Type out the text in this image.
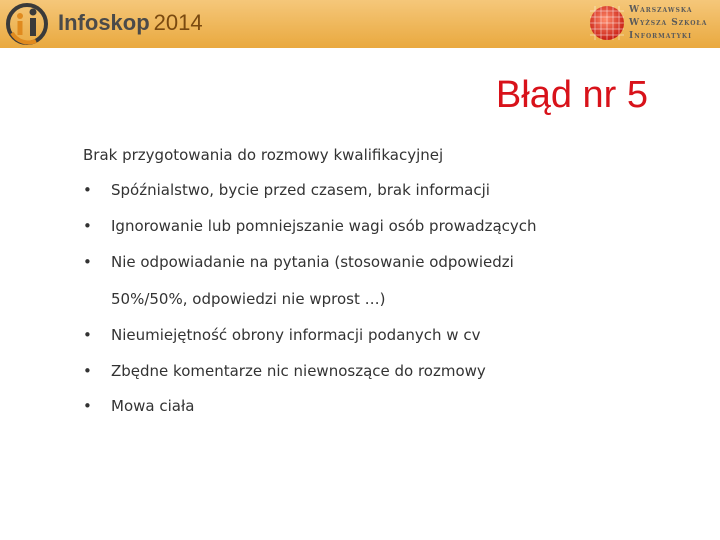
Infoskop 2014	Warszawska
Wyższa Szkoła
Informatyki
Błąd nr 5
Brak przygotowania do rozmowy kwalifikacyjnej
• Spóźnialstwo, bycie przed czasem, brak informacji
• Ignorowanie lub pomniejszanie wagi osób prowadzących
• Nie odpowiadanie na pytania (stosowanie odpowiedzi
• Nieumiejętność obrony informacji podanych w cv
• Zbędne komentarze nic niewnoszące do rozmowy
• Mowa ciała
50%/50%, odpowiedzi nie wprost …)
